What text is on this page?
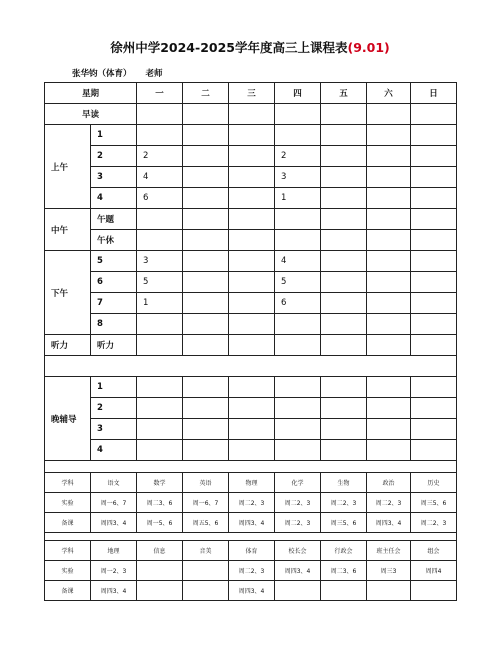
徐州中学2024-2025学年度高三上课程表(9.01)
张华钧（体育） 老师
星期		一	二	三	四	五	六	日
早读								
上午	1							
	2	2			2			
	3	4			3			
	4	6			1			
中午	午题							
	午休							
下午	5	3			4			
	6	5			5			
	7	1			6			
	8							
听力	听力							

晚辅导	1							
	2							
	3							
	4							

学科	语文	数学	英语	物理	化学	生物	政治	历史
实验	周一6、7	周二3、6	周一6、7	周二2、3	周二2、3	周二2、3	周二2、3	周三5、6
备课	周四3、4	周一5、6	周五5、6	周四3、4	周二2、3	周三5、6	周四3、4	周二2、3

学科	地理	信息	音美	体育	校长会	行政会	班主任会	组会
实验	周一2、3			周二2、3	周四3、4	周二3、6	周三3	周四4
备课	周四3、4			周四3、4				
